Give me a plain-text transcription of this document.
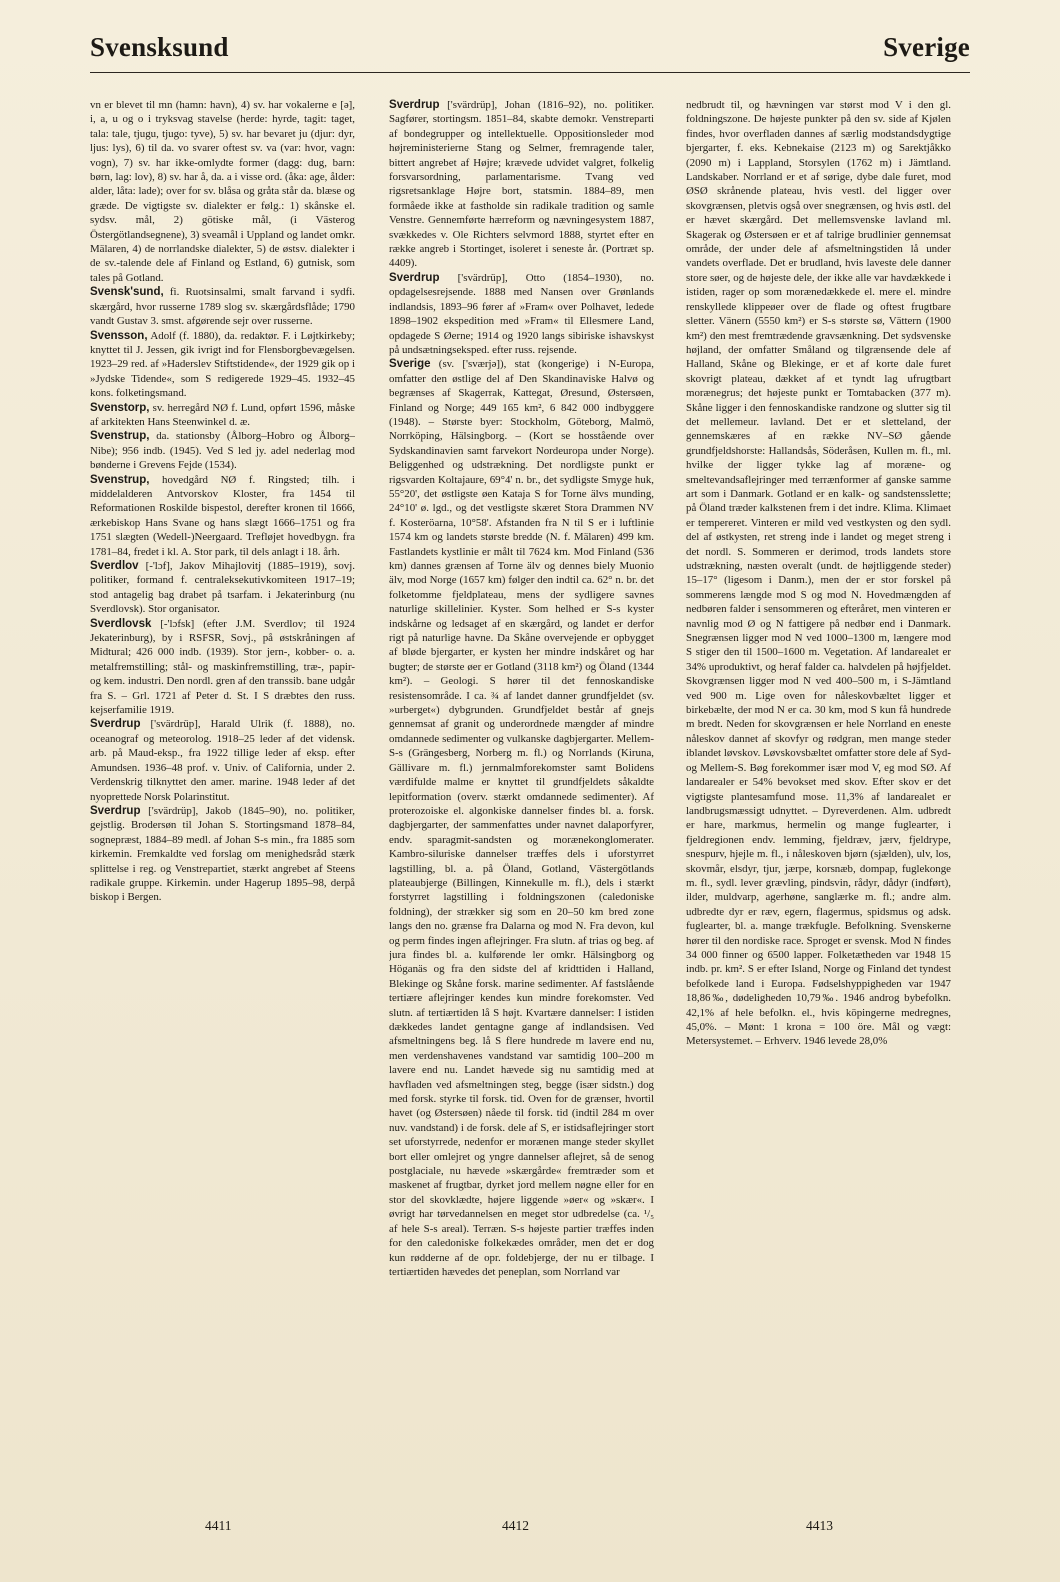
Svensksund	Sverige

vn er blevet til mn (hamn: havn), 4) sv. har vokalerne e [ə], i, a, u og o i tryksvag stavelse (herde: hyrde, tagit: taget, tala: tale, tjugu, tjugo: tyve), 5) sv. har bevaret ju (djur: dyr, ljus: lys), 6) til da. vo svarer oftest sv. va (var: hvor, vagn: vogn), 7) sv. har ikke-omlydte former (dagg: dug, barn: børn, lag: lov), 8) sv. har å, da. a i visse ord. (åka: age, ålder: alder, låta: lade); over for sv. blåsa og gråta står da. blæse og græde. De vigtigste sv. dialekter er følg.: 1) skånske el. sydsv. mål, 2) götiske mål, (i Västerog Östergötlandsegnene), 3) sveamål i Uppland og landet omkr. Mälaren, 4) de norrlandske dialekter, 5) de østsv. dialekter i de sv.-talende dele af Finland og Estland, 6) gutnisk, som tales på Gotland.

Svensk'sund, fi. Ruotsinsalmi, smalt farvand i sydfi. skærgård, hvor russerne 1789 slog sv. skærgårdsflåde; 1790 vandt Gustav 3. smst. afgørende sejr over russerne.

Svensson, Adolf (f. 1880), da. redaktør. F. i Løjtkirkeby; knyttet til J. Jessen, gik ivrigt ind for Flensborgbevægelsen. 1923–29 red. af »Haderslev Stiftstidende«, der 1929 gik op i »Jydske Tidende«, som S redigerede 1929–45. 1932–45 kons. folketingsmand.

Svenstorp, sv. herregård NØ f. Lund, opført 1596, måske af arkitekten Hans Steenwinkel d. æ.

Svenstrup, da. stationsby (Ålborg–Hobro og Ålborg–Nibe); 956 indb. (1945). Ved S led jy. adel nederlag mod bønderne i Grevens Fejde (1534).

Svenstrup, hovedgård NØ f. Ringsted; tilh. i middelalderen Antvorskov Kloster, fra 1454 til Reformationen Roskilde bispestol, derefter kronen til 1666, ærkebiskop Hans Svane og hans slægt 1666–1751 og fra 1751 slægten (Wedell-)Neergaard. Trefløjet hovedbygn. fra 1781–84, fredet i kl. A. Stor park, til dels anlagt i 18. årh.

Sverdlov [-'lɔf], Jakov Mihajlovitj (1885–1919), sovj. politiker, formand f. centraleksekutivkomiteen 1917–19; stod antagelig bag drabet på tsarfam. i Jekaterinburg (nu Sverdlovsk). Stor organisator.

Sverdlovsk [-'lɔfsk] (efter J.M. Sverdlov; til 1924 Jekaterinburg), by i RSFSR, Sovj., på østskråningen af Midtural; 426 000 indb. (1939). Stor jern-, kobber- o. a. metalfremstilling; stål- og maskinfremstilling, træ-, papir- og kem. industri. Den nordl. gren af den transsib. bane udgår fra S. – Grl. 1721 af Peter d. St. I S dræbtes den russ. kejserfamilie 1919.

Sverdrup ['svärdrüp], Harald Ulrik (f. 1888), no. oceanograf og meteorolog. 1918–25 leder af det vidensk. arb. på Maud-eksp., fra 1922 tillige leder af eksp. efter Amundsen. 1936–48 prof. v. Univ. of California, under 2. Verdenskrig tilknyttet den amer. marine. 1948 leder af det nyoprettede Norsk Polarinstitut.

Sverdrup ['svärdrüp], Jakob (1845–90), no. politiker, gejstlig. Brodersøn til Johan S. Stortingsmand 1878–84, sognepræst, 1884–89 medl. af Johan S-s min., fra 1885 som kirkemin. Fremkaldte ved forslag om menighedsråd stærk splittelse i reg. og Venstrepartiet, stærkt angrebet af Steens radikale gruppe. Kirkemin. under Hagerup 1895–98, derpå biskop i Bergen.

Sverdrup ['svärdrüp], Johan (1816–92), no. politiker. Sagfører, stortingsm. 1851–84, skabte demokr. Venstreparti af bondegrupper og intellektuelle. Oppositionsleder mod højreministerierne Stang og Selmer, fremragende taler, bittert angrebet af Højre; krævede udvidet valgret, folkelig forsvarsordning, parlamentarisme. Tvang ved rigsretsanklage Højre bort, statsmin. 1884–89, men formåede ikke at fastholde sin radikale tradition og samle Venstre. Gennemførte hærreform og nævningesystem 1887, svækkedes v. Ole Richters selvmord 1888, styrtet efter en række angreb i Stortinget, isoleret i seneste år. (Portræt sp. 4409).

Sverdrup ['svärdrüp], Otto (1854–1930), no. opdagelsesrejsende. 1888 med Nansen over Grønlands indlandsis, 1893–96 fører af »Fram« over Polhavet, ledede 1898–1902 ekspedition med »Fram« til Ellesmere Land, opdagede S Øerne; 1914 og 1920 langs sibiriske ishavskyst på undsætningseksped. efter russ. rejsende.

Sverige (sv. ['sværjə]), stat (kongerige) i N-Europa, omfatter den østlige del af Den Skandinaviske Halvø og begrænses af Skagerrak, Kattegat, Øresund, Østersøen, Finland og Norge; 449 165 km², 6 842 000 indbyggere (1948). – Største byer: Stockholm, Göteborg, Malmö, Norrköping, Hälsingborg. – (Kort se hosstående over Sydskandinavien samt farvekort Nordeuropa under Norge). Beliggenhed og udstrækning. Det nordligste punkt er rigsvarden Koltajaure, 69°4' n. br., det sydligste Smyge huk, 55°20', det østligste øen Kataja S for Torne älvs munding, 24°10' ø. lgd., og det vestligste skæret Stora Drammen NV f. Kosteröarna, 10°58'. Afstanden fra N til S er i luftlinie 1574 km og landets største bredde (N. f. Mälaren) 499 km. Fastlandets kystlinie er målt til 7624 km. Mod Finland (536 km) dannes grænsen af Torne älv og dennes biely Muonio älv, mod Norge (1657 km) følger den indtil ca. 62° n. br. det folketomme fjeldplateau, mens der sydligere savnes naturlige skillelinier. Kyster. Som helhed er S-s kyster indskårne og ledsaget af en skærgård, og landet er derfor rigt på naturlige havne. Da Skåne overvejende er opbygget af bløde bjergarter, er kysten her mindre indskåret og har bugter; de største øer er Gotland (3118 km²) og Öland (1344 km²). – Geologi. S hører til det fennoskandiske resistensområde. I ca. ¾ af landet danner grundfjeldet (sv. »urberget«) dybgrunden. Grundfjeldet består af gnejs gennemsat af granit og underordnede mængder af mindre omdannede sedimenter og vulkanske dagbjergarter. Mellem-S-s (Grängesberg, Norberg m. fl.) og Norrlands (Kiruna, Gällivare m. fl.) jernmalmforekomster samt Bolidens værdifulde malme er knyttet til grundfjeldets såkaldte lepitformation (overv. stærkt omdannede sedimenter). Af proterozoiske el. algonkiske dannelser findes bl. a. forsk. dagbjergarter, der sammenfattes under navnet dalaporfyrer, endv. sparagmit-sandsten og morænekonglomerater. Kambro-siluriske dannelser træffes dels i uforstyrret lagstilling, bl. a. på Öland, Gotland, Västergötlands plateaubjerge (Billingen, Kinnekulle m. fl.), dels i stærkt forstyrret lagstilling i foldningszonen (caledoniske foldning), der strækker sig som en 20–50 km bred zone langs den no. grænse fra Dalarna og mod N. Fra devon, kul og perm findes ingen aflejringer. Fra slutn. af trias og beg. af jura findes bl. a. kulførende ler omkr. Hälsingborg og Höganäs og fra den sidste del af kridttiden i Halland, Blekinge og Skåne forsk. marine sedimenter. Af fastslående tertiære aflejringer kendes kun mindre forekomster. Ved slutn. af tertiærtiden lå S højt. Kvartære dannelser: I istiden dækkedes landet gentagne gange af indlandsisen. Ved afsmeltningens beg. lå S flere hundrede m lavere end nu, men verdenshavenes vandstand var samtidig 100–200 m lavere end nu. Landet hævede sig nu samtidig med at havfladen ved afsmeltningen steg, begge (især sidstn.) dog med forsk. styrke til forsk. tid. Oven for de grænser, hvortil havet (og Østersøen) nåede til forsk. tid (indtil 284 m over nuv. vandstand) i de forsk. dele af S, er istidsaflejringer stort set uforstyrrede, nedenfor er morænen mange steder skyllet bort eller omlejret og yngre dannelser aflejret, så de senog postglaciale, nu hævede »skærgårde« fremtræder som et maskenet af frugtbar, dyrket jord mellem nøgne eller for en stor del skovklædte, højere liggende »øer« og »skær«. I øvrigt har tørvedannelsen en meget stor udbredelse (ca. ¹/₅ af hele S-s areal). Terræn. S-s højeste partier træffes inden for den caledoniske folkekædes områder, men det er dog kun rødderne af de opr. foldebjerge, der nu er tilbage. I tertiærtiden hævedes det peneplan, som Norrland var

nedbrudt til, og hævningen var størst mod V i den gl. foldningszone. De højeste punkter på den sv. side af Kjølen findes, hvor overfladen dannes af særlig modstandsdygtige bjergarter, f. eks. Kebnekaise (2123 m) og Sarektjåkko (2090 m) i Lappland, Storsylen (1762 m) i Jämtland. Landskaber. Norrland er et af sørige, dybe dale furet, mod ØSØ skrånende plateau, hvis vestl. del ligger over skovgrænsen, pletvis også over snegrænsen, og hvis østl. del er hævet skærgård. Det mellemsvenske lavland ml. Skagerak og Østersøen er et af talrige brudlinier gennemsat område, der under dele af afsmeltningstiden lå under vandets overflade. Det er brudland, hvis laveste dele danner store søer, og de højeste dele, der ikke alle var havdækkede i istiden, rager op som morænedækkede el. mere el. mindre renskyllede klippeøer over de flade og oftest frugtbare sletter. Vänern (5550 km²) er S-s største sø, Vättern (1900 km²) den mest fremtrædende gravsænkning. Det sydsvenske højland, der omfatter Småland og tilgrænsende dele af Halland, Skåne og Blekinge, er et af korte dale furet skovrigt plateau, dækket af et tyndt lag ufrugtbart morænegrus; det højeste punkt er Tomtabacken (377 m). Skåne ligger i den fennoskandiske randzone og slutter sig til det mellemeur. lavland. Det er et sletteland, der gennemskæres af en række NV–SØ gående grundfjeldshorste: Hallandsås, Söderåsen, Kullen m. fl., ml. hvilke der ligger tykke lag af moræne- og smeltevandsaflejringer med terrænformer af ganske samme art som i Danmark. Gotland er en kalk- og sandstensslette; på Öland træder kalkstenen frem i det indre. Klima. Klimaet er tempereret. Vinteren er mild ved vestkysten og den sydl. del af østkysten, ret streng inde i landet og meget streng i det nordl. S. Sommeren er derimod, trods landets store udstrækning, næsten overalt (undt. de højtliggende steder) 15–17° (ligesom i Danm.), men der er stor forskel på sommerens længde mod S og mod N. Hovedmængden af nedbøren falder i sensommeren og efteråret, men vinteren er navnlig mod Ø og N fattigere på nedbør end i Danmark. Snegrænsen ligger mod N ved 1000–1300 m, længere mod S stiger den til 1500–1600 m. Vegetation. Af landarealet er 34% uproduktivt, og heraf falder ca. halvdelen på højfjeldet. Skovgrænsen ligger mod N ved 400–500 m, i S-Jämtland ved 900 m. Lige oven for nåleskovbæltet ligger et birkebælte, der mod N er ca. 30 km, mod S kun få hundrede m bredt. Neden for skovgrænsen er hele Norrland en eneste nåleskov dannet af skovfyr og rødgran, men mange steder iblandet løvskov. Løvskovsbæltet omfatter store dele af Syd- og Mellem-S. Bøg forekommer især mod V, eg mod SØ. Af landarealer er 54% bevokset med skov. Efter skov er det vigtigste plantesamfund mose. 11,3% af landarealet er landbrugsmæssigt udnyttet. – Dyreverdenen. Alm. udbredt er hare, markmus, hermelin og mange fuglearter, i fjeldregionen endv. lemming, fjeldræv, jærv, fjeldrype, snespurv, hjejle m. fl., i nåleskoven bjørn (sjælden), ulv, los, skovmår, elsdyr, tjur, jærpe, korsnæb, dompap, fuglekonge m. fl., sydl. lever grævling, pindsvin, rådyr, dådyr (indført), ilder, muldvarp, agerhøne, sanglærke m. fl.; andre alm. udbredte dyr er ræv, egern, flagermus, spidsmus og adsk. fuglearter, bl. a. mange trækfugle. Befolkning. Svenskerne hører til den nordiske race. Sproget er svensk. Mod N findes 34 000 finner og 6500 lapper. Folketætheden var 1948 15 indb. pr. km². S er efter Island, Norge og Finland det tyndest befolkede land i Europa. Fødselshyppigheden var 1947 18,86‰, dødeligheden 10,79‰. 1946 androg bybefolkn. 42,1% af hele befolkn. el., hvis köpingerne medregnes, 45,0%. – Mønt: 1 krona = 100 öre. Mål og vægt: Metersystemet. – Erhverv. 1946 levede 28,0%

4411	4412	4413
